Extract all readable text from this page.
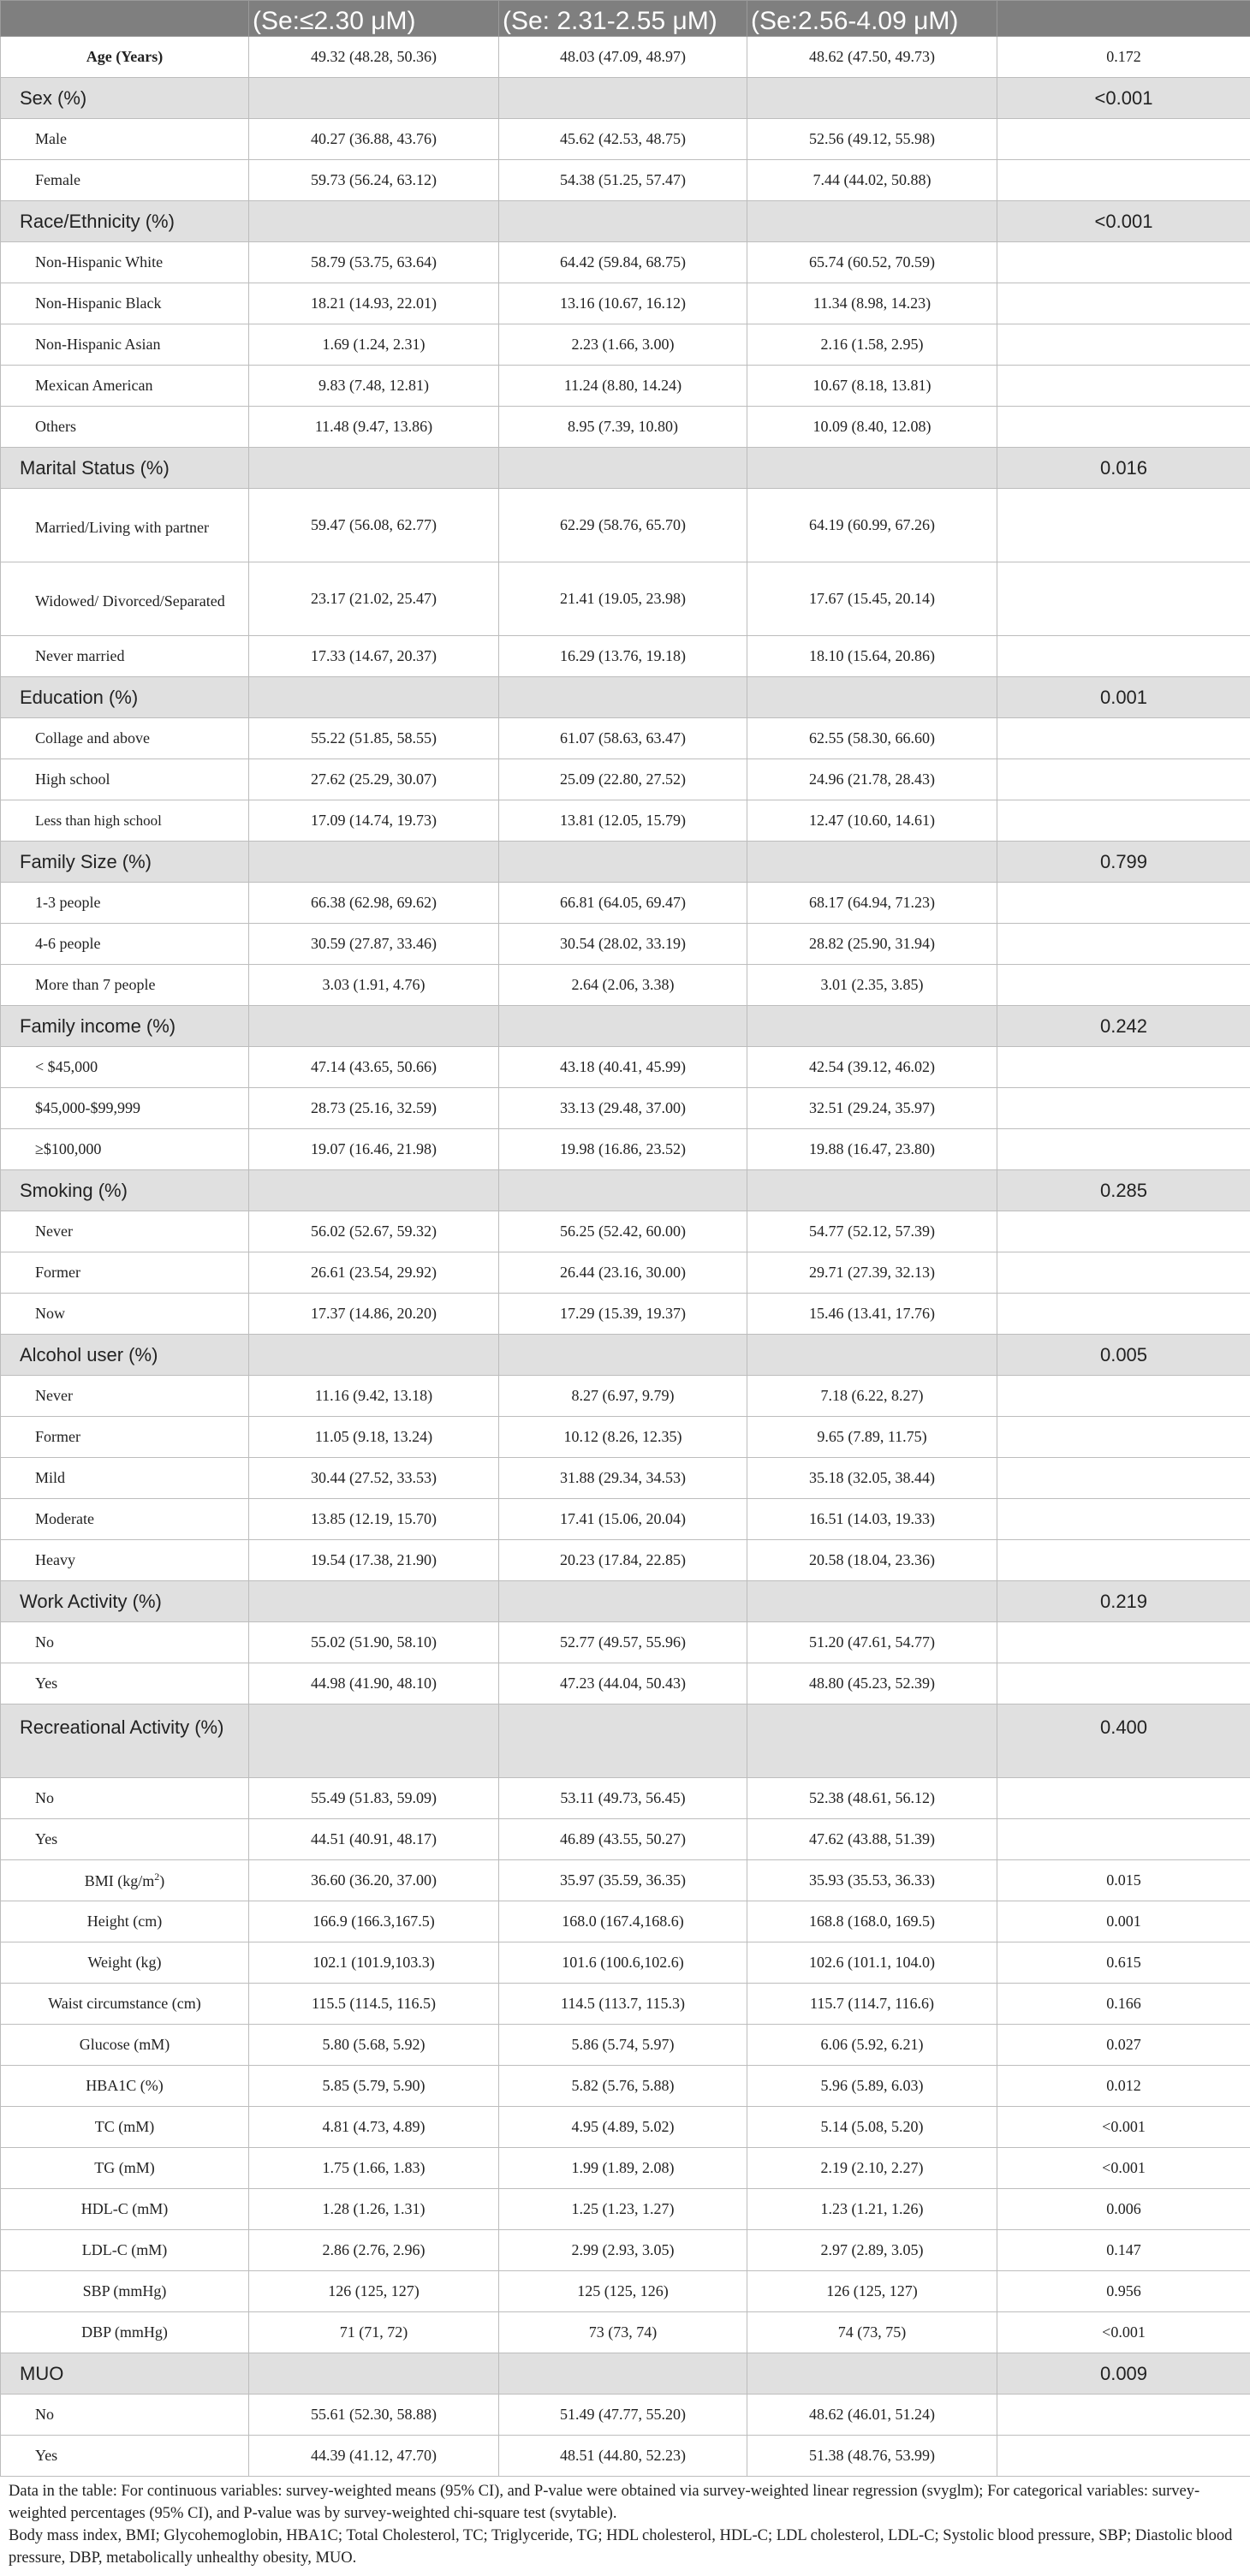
	(Se:≤2.30 μM)	(Se: 2.31-2.55 μM)	(Se:2.56-4.09 μM)	

Age (Years)	49.32 (48.28, 50.36)	48.03 (47.09, 48.97)	48.62 (47.50, 49.73)	0.172
Sex (%)				<0.001
Male	40.27 (36.88, 43.76)	45.62 (42.53, 48.75)	52.56 (49.12, 55.98)	
Female	59.73 (56.24, 63.12)	54.38 (51.25, 57.47)	7.44 (44.02, 50.88)	
Race/Ethnicity (%)				<0.001
Non-Hispanic White	58.79 (53.75, 63.64)	64.42 (59.84, 68.75)	65.74 (60.52, 70.59)	
Non-Hispanic Black	18.21 (14.93, 22.01)	13.16 (10.67, 16.12)	11.34 (8.98, 14.23)	
Non-Hispanic Asian	1.69 (1.24, 2.31)	2.23 (1.66, 3.00)	2.16 (1.58, 2.95)	
Mexican American	9.83 (7.48, 12.81)	11.24 (8.80, 14.24)	10.67 (8.18, 13.81)	
Others	11.48 (9.47, 13.86)	8.95 (7.39, 10.80)	10.09 (8.40, 12.08)	
Marital Status (%)				0.016
Married/Living with partner	59.47 (56.08, 62.77)	62.29 (58.76, 65.70)	64.19 (60.99, 67.26)	
Widowed/ Divorced/Separated	23.17 (21.02, 25.47)	21.41 (19.05, 23.98)	17.67 (15.45, 20.14)	
Never married	17.33 (14.67, 20.37)	16.29 (13.76, 19.18)	18.10 (15.64, 20.86)	
Education (%)				0.001
Collage and above	55.22 (51.85, 58.55)	61.07 (58.63, 63.47)	62.55 (58.30, 66.60)	
High school	27.62 (25.29, 30.07)	25.09 (22.80, 27.52)	24.96 (21.78, 28.43)	
Less than high school	17.09 (14.74, 19.73)	13.81 (12.05, 15.79)	12.47 (10.60, 14.61)	
Family Size (%)				0.799
1-3 people	66.38 (62.98, 69.62)	66.81 (64.05, 69.47)	68.17 (64.94, 71.23)	
4-6 people	30.59 (27.87, 33.46)	30.54 (28.02, 33.19)	28.82 (25.90, 31.94)	
More than 7 people	3.03 (1.91, 4.76)	2.64 (2.06, 3.38)	3.01 (2.35, 3.85)	
Family income (%)				0.242
< $45,000	47.14 (43.65, 50.66)	43.18 (40.41, 45.99)	42.54 (39.12, 46.02)	
$45,000-$99,999	28.73 (25.16, 32.59)	33.13 (29.48, 37.00)	32.51 (29.24, 35.97)	
≥$100,000	19.07 (16.46, 21.98)	19.98 (16.86, 23.52)	19.88 (16.47, 23.80)	
Smoking (%)				0.285
Never	56.02 (52.67, 59.32)	56.25 (52.42, 60.00)	54.77 (52.12, 57.39)	
Former	26.61 (23.54, 29.92)	26.44 (23.16, 30.00)	29.71 (27.39, 32.13)	
Now	17.37 (14.86, 20.20)	17.29 (15.39, 19.37)	15.46 (13.41, 17.76)	
Alcohol user (%)				0.005
Never	11.16 (9.42, 13.18)	8.27 (6.97, 9.79)	7.18 (6.22, 8.27)	
Former	11.05 (9.18, 13.24)	10.12 (8.26, 12.35)	9.65 (7.89, 11.75)	
Mild	30.44 (27.52, 33.53)	31.88 (29.34, 34.53)	35.18 (32.05, 38.44)	
Moderate	13.85 (12.19, 15.70)	17.41 (15.06, 20.04)	16.51 (14.03, 19.33)	
Heavy	19.54 (17.38, 21.90)	20.23 (17.84, 22.85)	20.58 (18.04, 23.36)	
Work Activity (%)				0.219
No	55.02 (51.90, 58.10)	52.77 (49.57, 55.96)	51.20 (47.61, 54.77)	
Yes	44.98 (41.90, 48.10)	47.23 (44.04, 50.43)	48.80 (45.23, 52.39)	
Recreational Activity (%)				0.400
No	55.49 (51.83, 59.09)	53.11 (49.73, 56.45)	52.38 (48.61, 56.12)	
Yes	44.51 (40.91, 48.17)	46.89 (43.55, 50.27)	47.62 (43.88, 51.39)	
BMI $(kg/m^2)$	36.60 (36.20, 37.00)	35.97 (35.59, 36.35)	35.93 (35.53, 36.33)	0.015
Height (cm)	166.9 (166.3,167.5)	168.0 (167.4,168.6)	168.8 (168.0, 169.5)	0.001
Weight (kg)	102.1 (101.9,103.3)	101.6 (100.6,102.6)	102.6 (101.1, 104.0)	0.615
Waist circumstance (cm)	115.5 (114.5, 116.5)	114.5 (113.7, 115.3)	115.7 (114.7, 116.6)	0.166
Glucose (mM)	5.80 (5.68, 5.92)	5.86 (5.74, 5.97)	6.06 (5.92, 6.21)	0.027
HBA1C (%)	5.85 (5.79, 5.90)	5.82 (5.76, 5.88)	5.96 (5.89, 6.03)	0.012
TC (mM)	4.81 (4.73, 4.89)	4.95 (4.89, 5.02)	5.14 (5.08, 5.20)	<0.001
TG (mM)	1.75 (1.66, 1.83)	1.99 (1.89, 2.08)	2.19 (2.10, 2.27)	<0.001
HDL-C (mM)	1.28 (1.26, 1.31)	1.25 (1.23, 1.27)	1.23 (1.21, 1.26)	0.006
LDL-C (mM)	2.86 (2.76, 2.96)	2.99 (2.93, 3.05)	2.97 (2.89, 3.05)	0.147
SBP (mmHg)	126 (125, 127)	125 (125, 126)	126 (125, 127)	0.956
DBP (mmHg)	71 (71, 72)	73 (73, 74)	74 (73, 75)	<0.001
MUO				0.009
No	55.61 (52.30, 58.88)	51.49 (47.77, 55.20)	48.62 (46.01, 51.24)	
Yes	44.39 (41.12, 47.70)	48.51 (44.80, 52.23)	51.38 (48.76, 53.99)	

Data in the table: For continuous variables: survey-weighted means (95% CI), and P-value were obtained via survey-weighted linear regression (svyglm); For categorical variables: survey-weighted percentages (95% CI), and P-value was by survey-weighted chi-square test (svytable).

Body mass index, BMI; Glycohemoglobin, HBA1C; Total Cholesterol, TC; Triglyceride, TG; HDL cholesterol, HDL-C; LDL cholesterol, LDL-C; Systolic blood pressure, SBP; Diastolic blood pressure, DBP, metabolically unhealthy obesity, MUO.
